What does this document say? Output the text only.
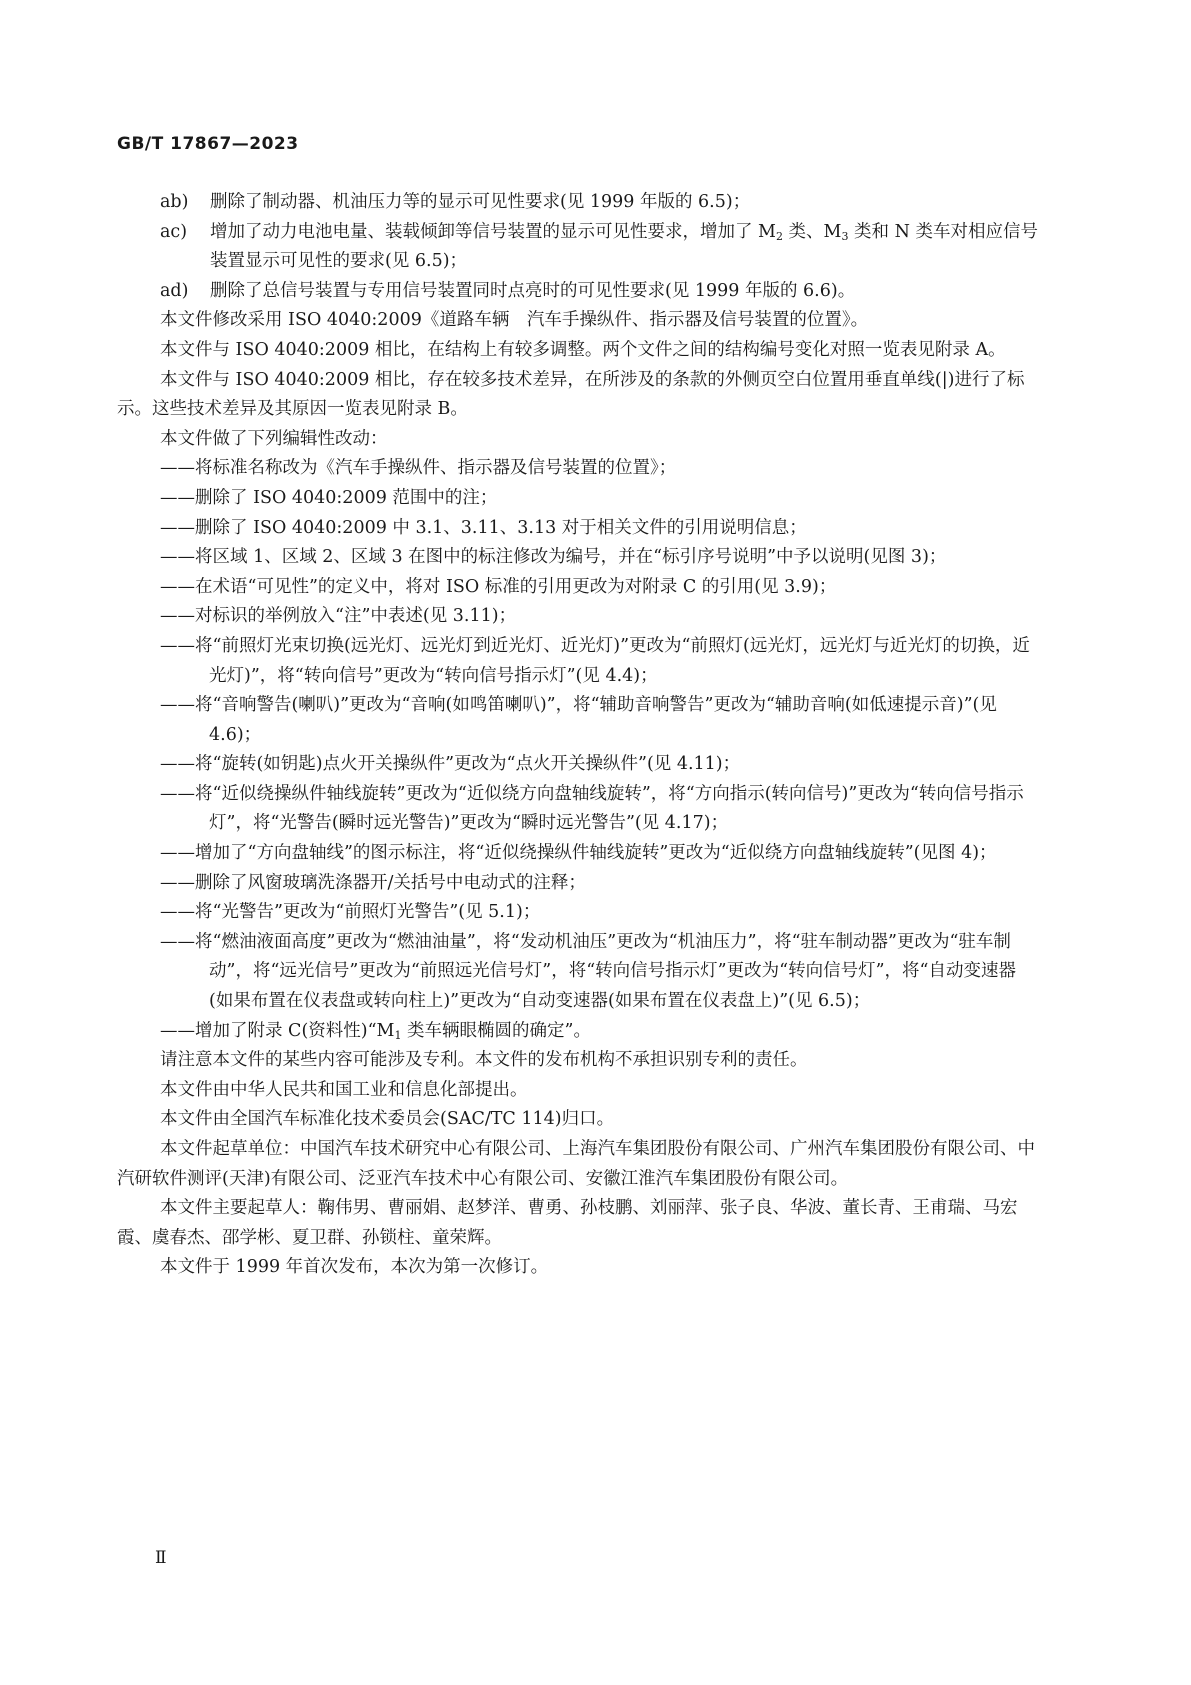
GB/T 17867—2023

ab) 删除了制动器、机油压力等的显示可见性要求(见 1999 年版的 6.5)；

ac) 增加了动力电池电量、装载倾卸等信号装置的显示可见性要求，增加了 $M_2$ 类、$M_3$ 类和 N 类车对相应信号装置显示可见性的要求(见 6.5)；

ad) 删除了总信号装置与专用信号装置同时点亮时的可见性要求(见 1999 年版的 6.6)。

本文件修改采用 ISO 4040:2009《道路车辆　汽车手操纵件、指示器及信号装置的位置》。

本文件与 ISO 4040:2009 相比，在结构上有较多调整。两个文件之间的结构编号变化对照一览表见附录 A。

本文件与 ISO 4040:2009 相比，存在较多技术差异，在所涉及的条款的外侧页空白位置用垂直单线(|)进行了标示。这些技术差异及其原因一览表见附录 B。

本文件做了下列编辑性改动：

——将标准名称改为《汽车手操纵件、指示器及信号装置的位置》；

——删除了 ISO 4040:2009 范围中的注；

——删除了 ISO 4040:2009 中 3.1、3.11、3.13 对于相关文件的引用说明信息；

——将区域 1、区域 2、区域 3 在图中的标注修改为编号，并在“标引序号说明”中予以说明(见图 3)；

——在术语“可见性”的定义中，将对 ISO 标准的引用更改为对附录 C 的引用(见 3.9)；

——对标识的举例放入“注”中表述(见 3.11)；

——将“前照灯光束切换(远光灯、远光灯到近光灯、近光灯)”更改为“前照灯(远光灯，远光灯与近光灯的切换，近光灯)”，将“转向信号”更改为“转向信号指示灯”(见 4.4)；

——将“音响警告(喇叭)”更改为“音响(如鸣笛喇叭)”，将“辅助音响警告”更改为“辅助音响(如低速提示音)”(见 4.6)；

——将“旋转(如钥匙)点火开关操纵件”更改为“点火开关操纵件”(见 4.11)；

——将“近似绕操纵件轴线旋转”更改为“近似绕方向盘轴线旋转”，将“方向指示(转向信号)”更改为“转向信号指示灯”，将“光警告(瞬时远光警告)”更改为“瞬时远光警告”(见 4.17)；

——增加了“方向盘轴线”的图示标注，将“近似绕操纵件轴线旋转”更改为“近似绕方向盘轴线旋转”(见图 4)；

——删除了风窗玻璃洗涤器开/关括号中电动式的注释；

——将“光警告”更改为“前照灯光警告”(见 5.1)；

——将“燃油液面高度”更改为“燃油油量”，将“发动机油压”更改为“机油压力”，将“驻车制动器”更改为“驻车制动”，将“远光信号”更改为“前照远光信号灯”，将“转向信号指示灯”更改为“转向信号灯”，将“自动变速器(如果布置在仪表盘或转向柱上)”更改为“自动变速器(如果布置在仪表盘上)”(见 6.5)；

——增加了附录 C(资料性)“$M_1$ 类车辆眼椭圆的确定”。

请注意本文件的某些内容可能涉及专利。本文件的发布机构不承担识别专利的责任。

本文件由中华人民共和国工业和信息化部提出。

本文件由全国汽车标准化技术委员会(SAC/TC 114)归口。

本文件起草单位：中国汽车技术研究中心有限公司、上海汽车集团股份有限公司、广州汽车集团股份有限公司、中汽研软件测评(天津)有限公司、泛亚汽车技术中心有限公司、安徽江淮汽车集团股份有限公司。

本文件主要起草人：鞠伟男、曹丽娟、赵梦洋、曹勇、孙枝鹏、刘丽萍、张子良、华波、董长青、王甫瑞、马宏霞、虞春杰、邵学彬、夏卫群、孙锁柱、童荣辉。

本文件于 1999 年首次发布，本次为第一次修订。

Ⅱ
